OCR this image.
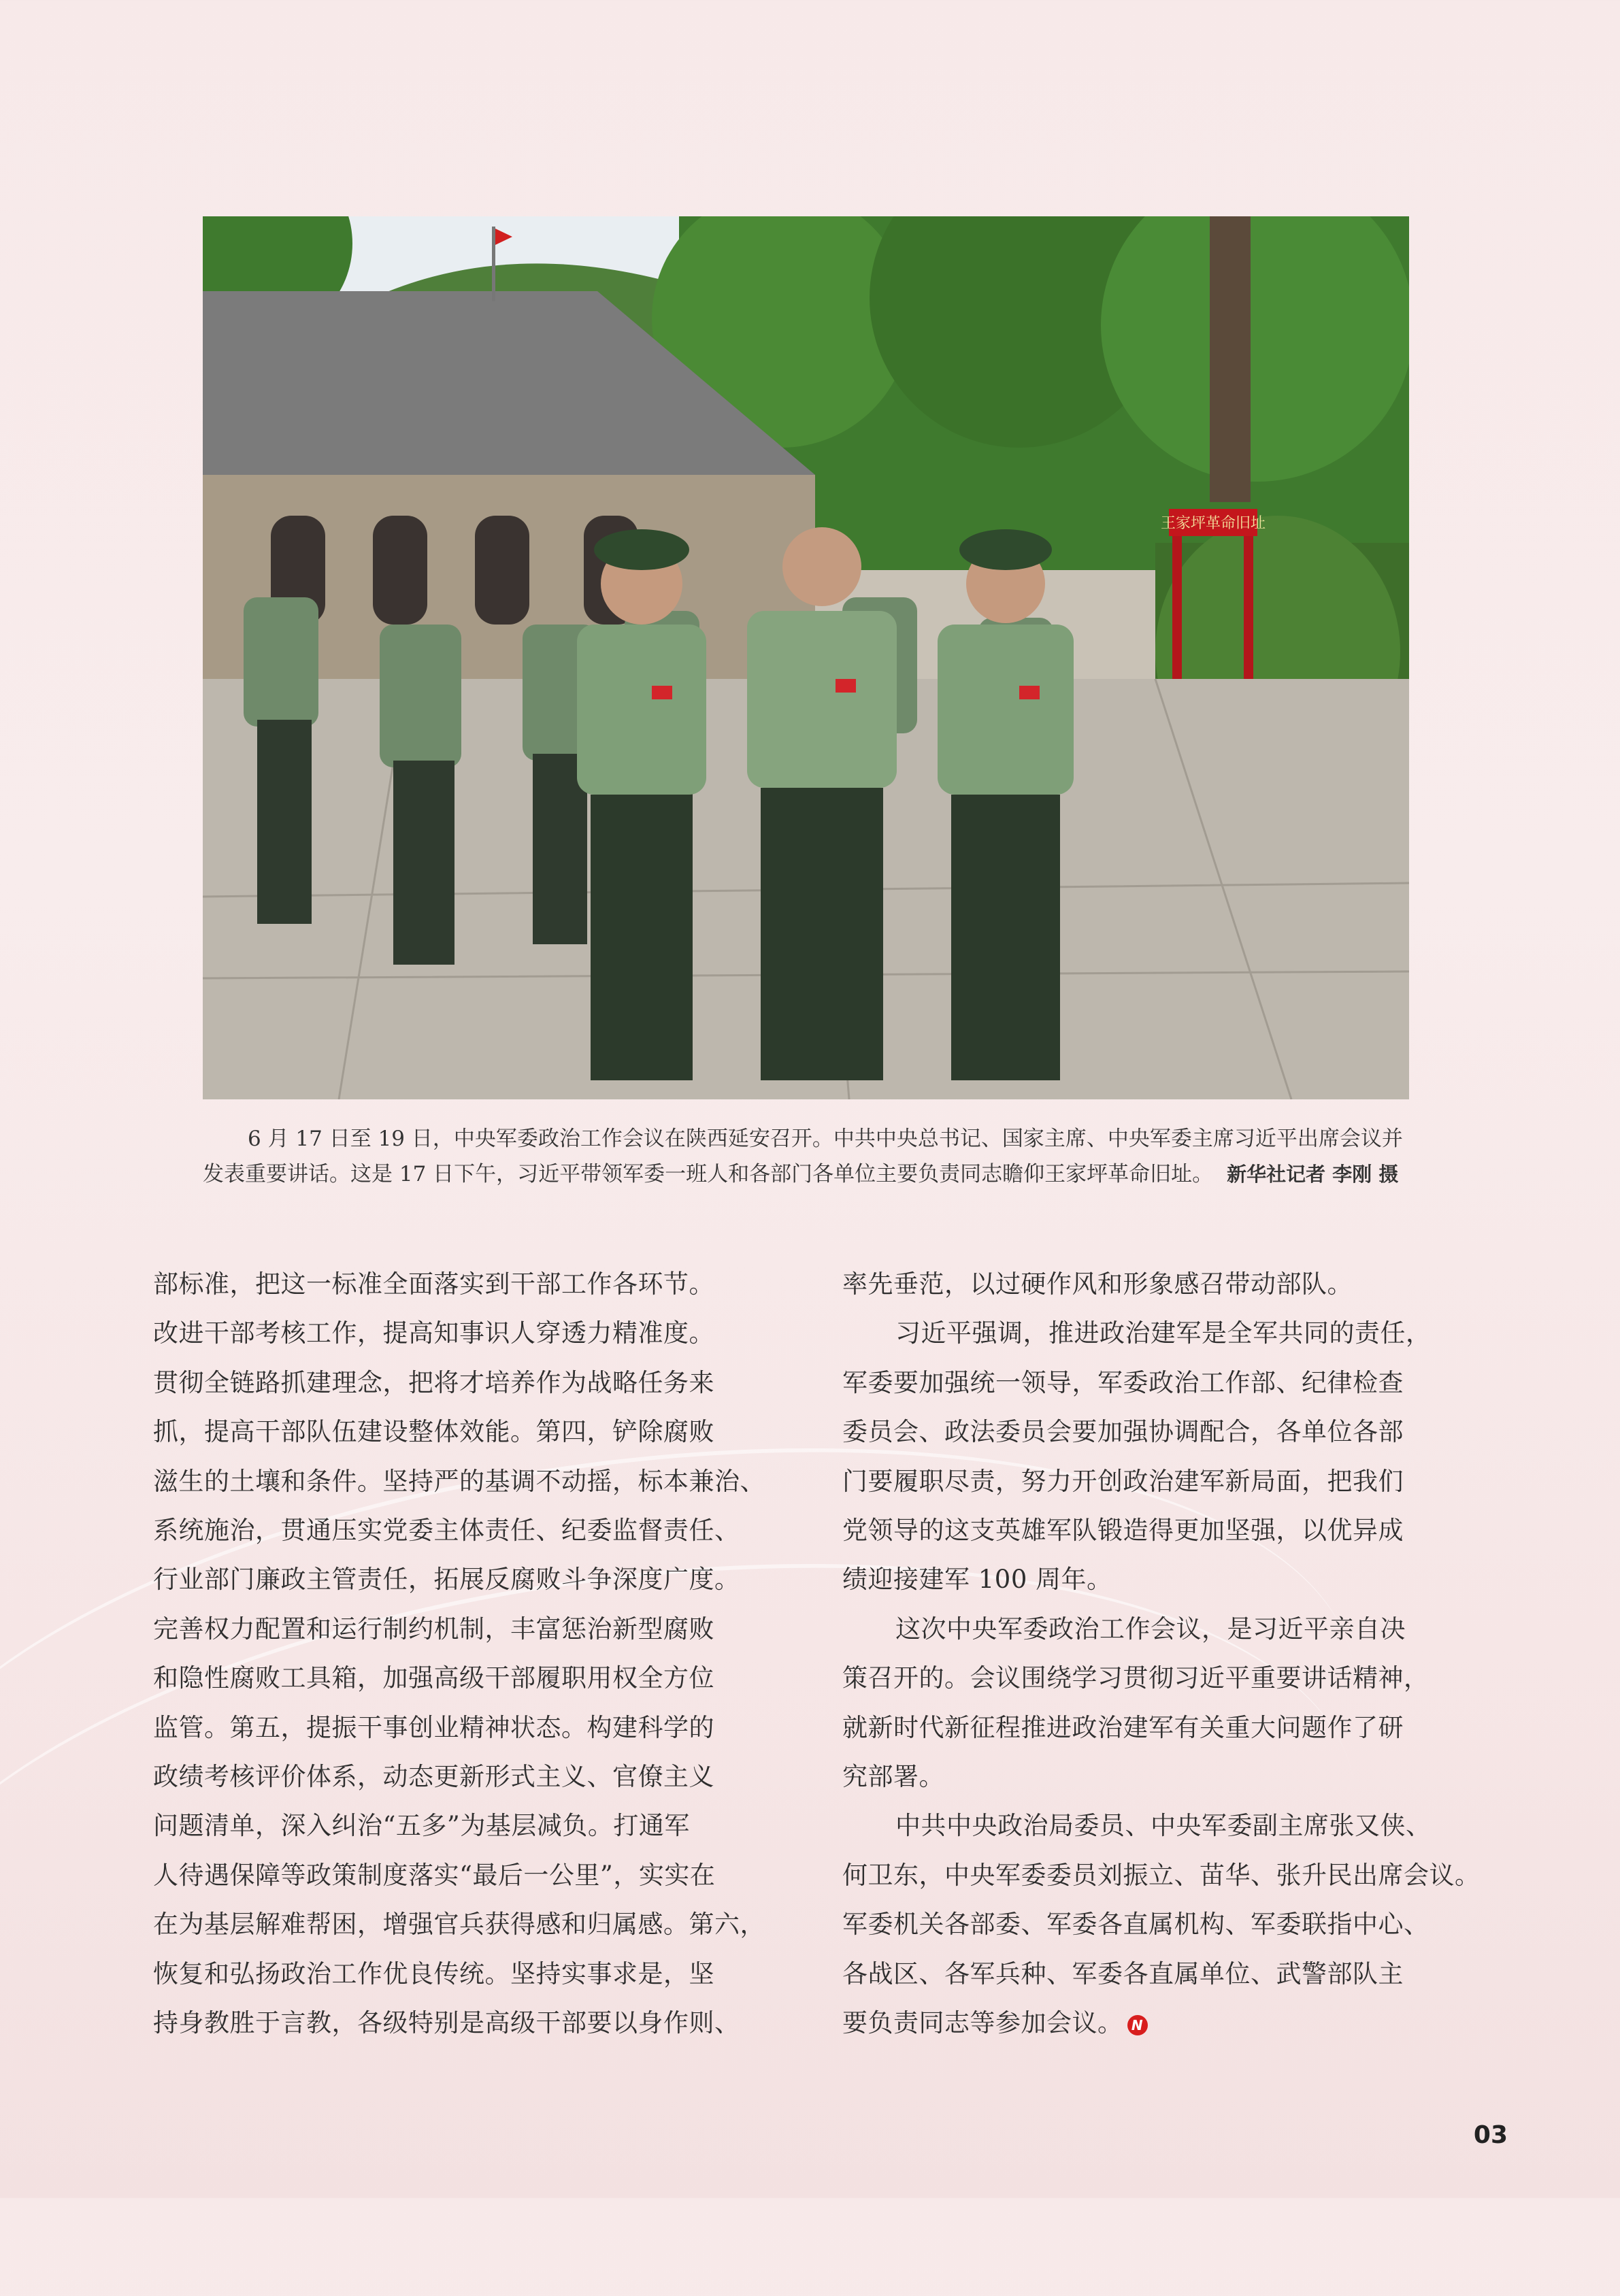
王家坪革命旧址
6 月 17 日至 19 日，中央军委政治工作会议在陕西延安召开。中共中央总书记、国家主席、中央军委主席习近平出席会议并
发表重要讲话。这是 17 日下午，习近平带领军委一班人和各部门各单位主要负责同志瞻仰王家坪革命旧址。 新华社记者 李刚 摄

部标准，把这一标准全面落实到干部工作各环节。

改进干部考核工作，提高知事识人穿透力精准度。

贯彻全链路抓建理念，把将才培养作为战略任务来

抓，提高干部队伍建设整体效能。第四，铲除腐败

滋生的土壤和条件。坚持严的基调不动摇，标本兼治、

系统施治，贯通压实党委主体责任、纪委监督责任、

行业部门廉政主管责任，拓展反腐败斗争深度广度。

完善权力配置和运行制约机制，丰富惩治新型腐败

和隐性腐败工具箱，加强高级干部履职用权全方位

监管。第五，提振干事创业精神状态。构建科学的

政绩考核评价体系，动态更新形式主义、官僚主义

问题清单，深入纠治“五多”为基层减负。打通军

人待遇保障等政策制度落实“最后一公里”，实实在

在为基层解难帮困，增强官兵获得感和归属感。第六，

恢复和弘扬政治工作优良传统。坚持实事求是，坚

持身教胜于言教，各级特别是高级干部要以身作则、

率先垂范，以过硬作风和形象感召带动部队。

习近平强调，推进政治建军是全军共同的责任，

军委要加强统一领导，军委政治工作部、纪律检查

委员会、政法委员会要加强协调配合，各单位各部

门要履职尽责，努力开创政治建军新局面，把我们

党领导的这支英雄军队锻造得更加坚强，以优异成

绩迎接建军 100 周年。

这次中央军委政治工作会议，是习近平亲自决

策召开的。会议围绕学习贯彻习近平重要讲话精神，

就新时代新征程推进政治建军有关重大问题作了研

究部署。

中共中央政治局委员、中央军委副主席张又侠、

何卫东，中央军委委员刘振立、苗华、张升民出席会议。

军委机关各部委、军委各直属机构、军委联指中心、

各战区、各军兵种、军委各直属单位、武警部队主

要负责同志等参加会议。 N

03
